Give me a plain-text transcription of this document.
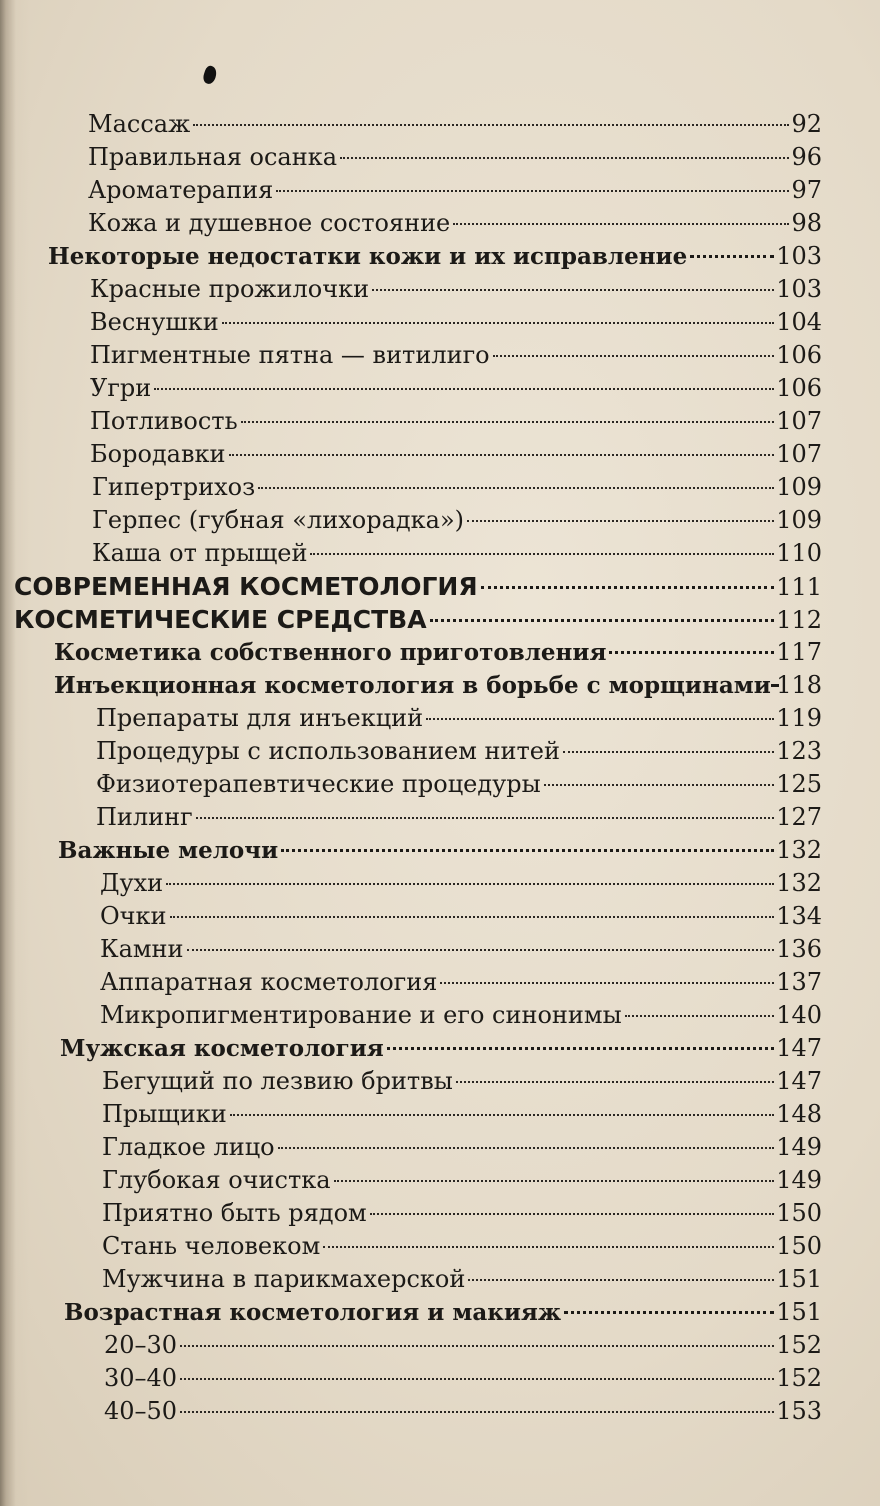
Массаж	92
Правильная осанка	96
Ароматерапия	97
Кожа и душевное состояние	98
Некоторые недостатки кожи и их исправление	103
Красные прожилочки	103
Веснушки	104
Пигментные пятна — витилиго	106
Угри	106
Потливость	107
Бородавки	107
Гипертрихоз	109
Герпес (губная «лихорадка»)	109
Каша от прыщей	110
СОВРЕМЕННАЯ КОСМЕТОЛОГИЯ	111
КОСМЕТИЧЕСКИЕ СРЕДСТВА	112
Косметика собственного приготовления	117
Инъекционная косметология в борьбе с морщинами 118
Препараты для инъекций	119
Процедуры с использованием нитей	123
Физиотерапевтические процедуры	125
Пилинг	127
Важные мелочи	132
Духи	132
Очки	134
Камни	136
Аппаратная косметология	137
Микропигментирование и его синонимы	140
Мужская косметология	147
Бегущий по лезвию бритвы	147
Прыщики	148
Гладкое лицо	149
Глубокая очистка	149
Приятно быть рядом	150
Стань человеком	150
Мужчина в парикмахерской	151
Возрастная косметология и макияж	151
20–30	152
30–40	152
40–50	153
